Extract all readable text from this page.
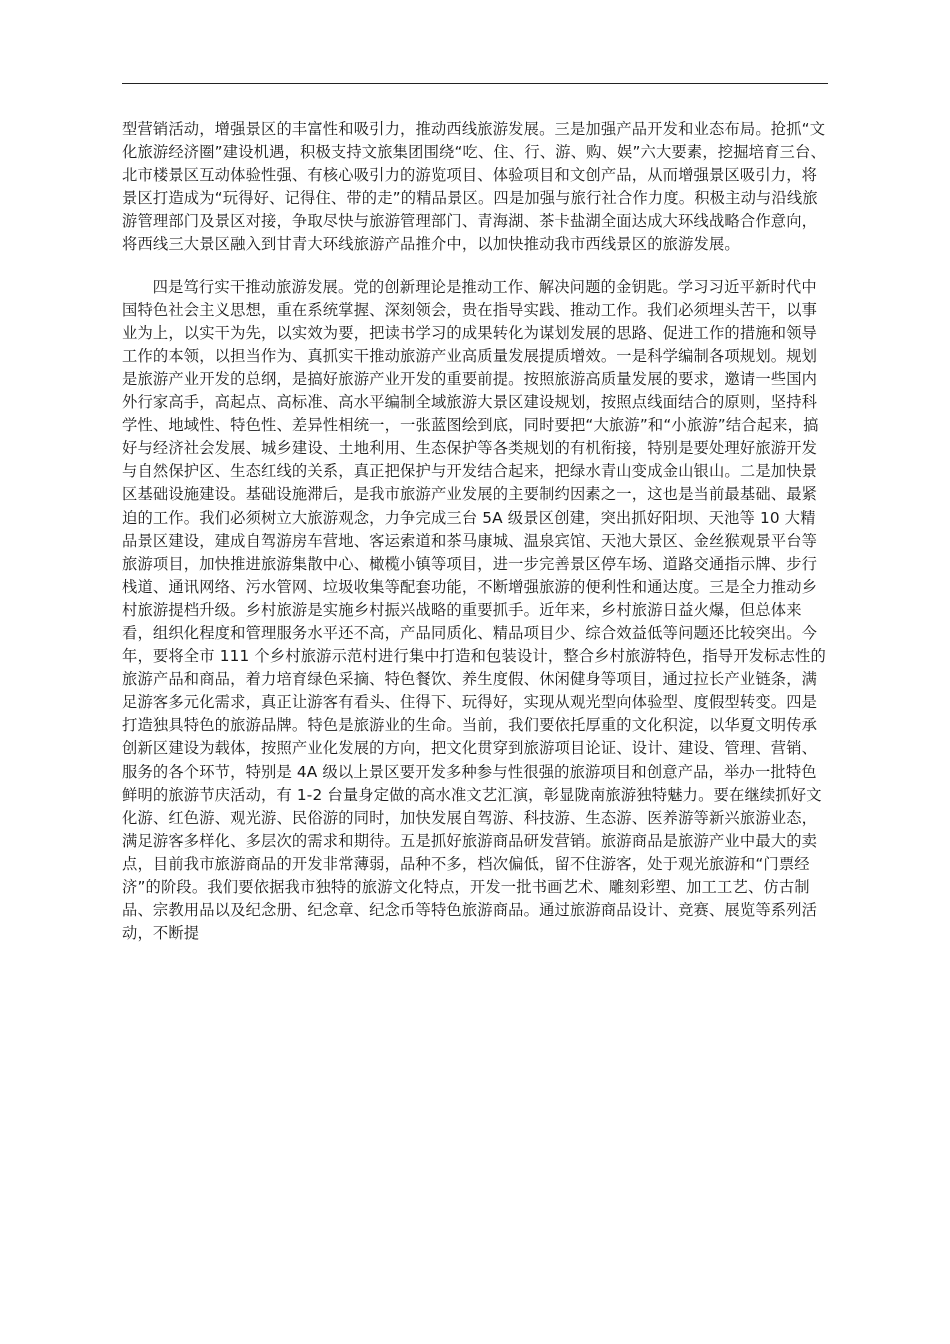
型营销活动，增强景区的丰富性和吸引力，推动西线旅游发展。三是加强产品开发和业态布局。抢抓“文化旅游经济圈”建设机遇，积极支持文旅集团围绕“吃、住、行、游、购、娱”六大要素，挖掘培育三台、北市楼景区互动体验性强、有核心吸引力的游览项目、体验项目和文创产品，从而增强景区吸引力，将景区打造成为“玩得好、记得住、带的走”的精品景区。四是加强与旅行社合作力度。积极主动与沿线旅游管理部门及景区对接，争取尽快与旅游管理部门、青海湖、茶卡盐湖全面达成大环线战略合作意向，将西线三大景区融入到甘青大环线旅游产品推介中，以加快推动我市西线景区的旅游发展。

四是笃行实干推动旅游发展。党的创新理论是推动工作、解决问题的金钥匙。学习习近平新时代中国特色社会主义思想，重在系统掌握、深刻领会，贵在指导实践、推动工作。我们必须埋头苦干，以事业为上，以实干为先，以实效为要，把读书学习的成果转化为谋划发展的思路、促进工作的措施和领导工作的本领，以担当作为、真抓实干推动旅游产业高质量发展提质增效。一是科学编制各项规划。规划是旅游产业开发的总纲，是搞好旅游产业开发的重要前提。按照旅游高质量发展的要求，邀请一些国内外行家高手，高起点、高标准、高水平编制全域旅游大景区建设规划，按照点线面结合的原则，坚持科学性、地域性、特色性、差异性相统一，一张蓝图绘到底，同时要把“大旅游”和“小旅游”结合起来，搞好与经济社会发展、城乡建设、土地利用、生态保护等各类规划的有机衔接，特别是要处理好旅游开发与自然保护区、生态红线的关系，真正把保护与开发结合起来，把绿水青山变成金山银山。二是加快景区基础设施建设。基础设施滞后，是我市旅游产业发展的主要制约因素之一，这也是当前最基础、最紧迫的工作。我们必须树立大旅游观念，力争完成三台 5A 级景区创建，突出抓好阳坝、天池等 10 大精品景区建设，建成自驾游房车营地、客运索道和茶马康城、温泉宾馆、天池大景区、金丝猴观景平台等旅游项目，加快推进旅游集散中心、橄榄小镇等项目，进一步完善景区停车场、道路交通指示牌、步行栈道、通讯网络、污水管网、垃圾收集等配套功能，不断增强旅游的便利性和通达度。三是全力推动乡村旅游提档升级。乡村旅游是实施乡村振兴战略的重要抓手。近年来，乡村旅游日益火爆，但总体来看，组织化程度和管理服务水平还不高，产品同质化、精品项目少、综合效益低等问题还比较突出。今年，要将全市 111 个乡村旅游示范村进行集中打造和包装设计，整合乡村旅游特色，指导开发标志性的旅游产品和商品，着力培育绿色采摘、特色餐饮、养生度假、休闲健身等项目，通过拉长产业链条，满足游客多元化需求，真正让游客有看头、住得下、玩得好，实现从观光型向体验型、度假型转变。四是打造独具特色的旅游品牌。特色是旅游业的生命。当前，我们要依托厚重的文化积淀，以华夏文明传承创新区建设为载体，按照产业化发展的方向，把文化贯穿到旅游项目论证、设计、建设、管理、营销、服务的各个环节，特别是 4A 级以上景区要开发多种参与性很强的旅游项目和创意产品，举办一批特色鲜明的旅游节庆活动，有 1-2 台量身定做的高水准文艺汇演，彰显陇南旅游独特魅力。要在继续抓好文化游、红色游、观光游、民俗游的同时，加快发展自驾游、科技游、生态游、医养游等新兴旅游业态，满足游客多样化、多层次的需求和期待。五是抓好旅游商品研发营销。旅游商品是旅游产业中最大的卖点，目前我市旅游商品的开发非常薄弱，品种不多，档次偏低，留不住游客，处于观光旅游和“门票经济”的阶段。我们要依据我市独特的旅游文化特点，开发一批书画艺术、雕刻彩塑、加工工艺、仿古制品、宗教用品以及纪念册、纪念章、纪念币等特色旅游商品。通过旅游商品设计、竞赛、展览等系列活动，不断提
